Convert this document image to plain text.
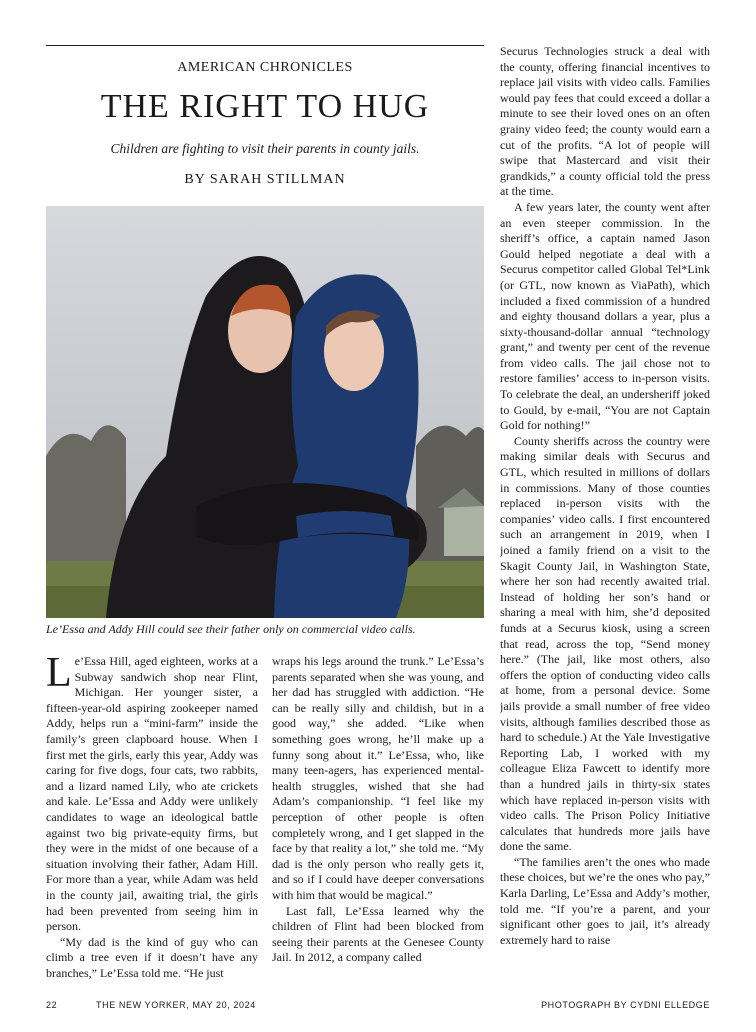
AMERICAN CHRONICLES
THE RIGHT TO HUG
Children are fighting to visit their parents in county jails.
BY SARAH STILLMAN
Le’Essa and Addy Hill could see their father only on commercial video calls.

Le’Essa Hill, aged eighteen, works at a Subway sandwich shop near Flint, Michigan. Her younger sister, a fifteen-year-old aspiring zookeeper named Addy, helps run a “mini-farm” inside the family’s green clapboard house. When I first met the girls, early this year, Addy was caring for five dogs, four cats, two rabbits, and a lizard named Lily, who ate crickets and kale. Le’Essa and Addy were unlikely candidates to wage an ideological battle against two big private-equity firms, but they were in the midst of one because of a situation involving their father, Adam Hill. For more than a year, while Adam was held in the county jail, awaiting trial, the girls had been prevented from seeing him in person.

“My dad is the kind of guy who can climb a tree even if it doesn’t have any branches,” Le’Essa told me. “He just

wraps his legs around the trunk.” Le’Essa’s parents separated when she was young, and her dad has struggled with addiction. “He can be really silly and childish, but in a good way,” she added. “Like when something goes wrong, he’ll make up a funny song about it.” Le’Essa, who, like many teen-agers, has experienced mental-health struggles, wished that she had Adam’s companionship. “I feel like my perception of other people is often completely wrong, and I get slapped in the face by that reality a lot,” she told me. “My dad is the only person who really gets it, and so if I could have deeper conversations with him that would be magical.”

Last fall, Le’Essa learned why the children of Flint had been blocked from seeing their parents at the Genesee County Jail. In 2012, a company called

Securus Technologies struck a deal with the county, offering financial incentives to replace jail visits with video calls. Families would pay fees that could exceed a dollar a minute to see their loved ones on an often grainy video feed; the county would earn a cut of the profits. “A lot of people will swipe that Mastercard and visit their grandkids,” a county official told the press at the time.

A few years later, the county went after an even steeper commission. In the sheriff’s office, a captain named Jason Gould helped negotiate a deal with a Securus competitor called Global Tel*Link (or GTL, now known as ViaPath), which included a fixed commission of a hundred and eighty thousand dollars a year, plus a sixty-thousand-dollar annual “technology grant,” and twenty per cent of the revenue from video calls. The jail chose not to restore families’ access to in-person visits. To celebrate the deal, an undersheriff joked to Gould, by e-mail, “You are not Captain Gold for nothing!”

County sheriffs across the country were making similar deals with Securus and GTL, which resulted in millions of dollars in commissions. Many of those counties replaced in-person visits with the companies’ video calls. I first encountered such an arrangement in 2019, when I joined a family friend on a visit to the Skagit County Jail, in Washington State, where her son had recently awaited trial. Instead of holding her son’s hand or sharing a meal with him, she’d deposited funds at a Securus kiosk, using a screen that read, across the top, “Send money here.” (The jail, like most others, also offers the option of conducting video calls at home, from a personal device. Some jails provide a small number of free video visits, although families described those as hard to schedule.) At the Yale Investigative Reporting Lab, I worked with my colleague Eliza Fawcett to identify more than a hundred jails in thirty-six states which have replaced in-person visits with video calls. The Prison Policy Initiative calculates that hundreds more jails have done the same.

“The families aren’t the ones who made these choices, but we’re the ones who pay,” Karla Darling, Le’Essa and Addy’s mother, told me. “If you’re a parent, and your significant other goes to jail, it’s already extremely hard to raise

22	THE NEW YORKER, MAY 20, 2024	PHOTOGRAPH BY CYDNI ELLEDGE
